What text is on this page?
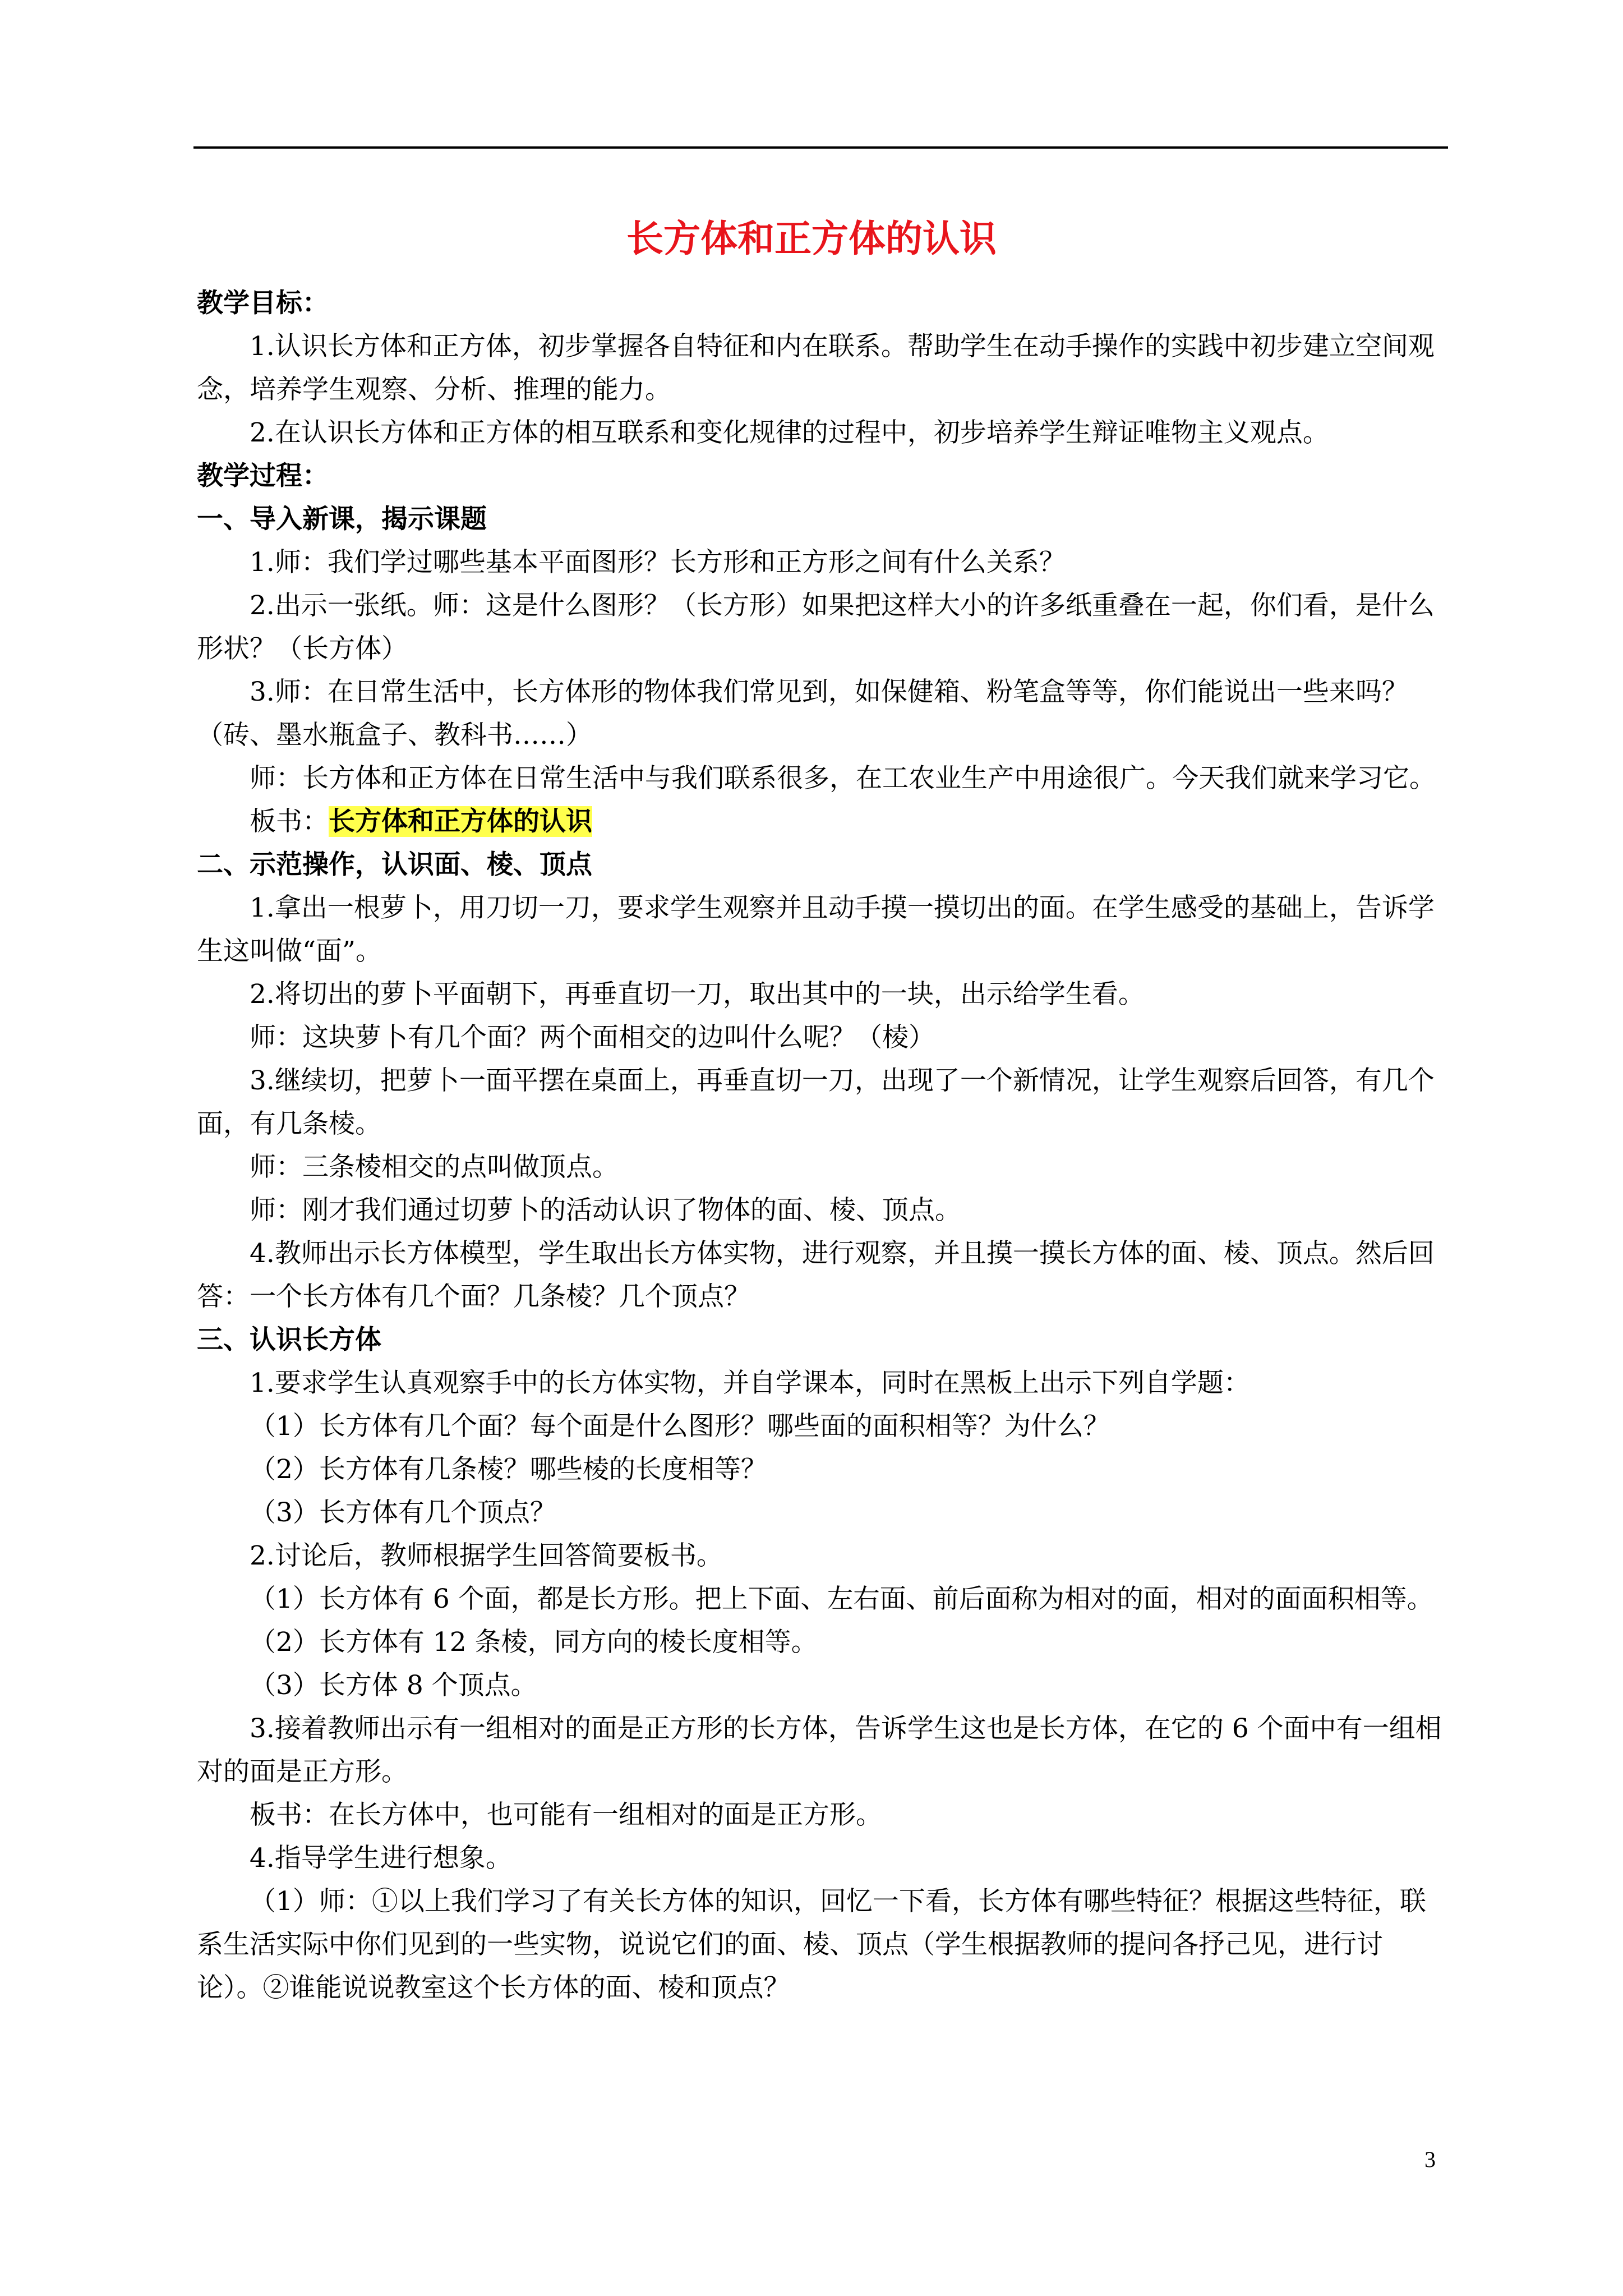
长方体和正方体的认识

教学目标：

1.认识长方体和正方体，初步掌握各自特征和内在联系。帮助学生在动手操作的实践中初步建立空间观念，培养学生观察、分析、推理的能力。

2.在认识长方体和正方体的相互联系和变化规律的过程中，初步培养学生辩证唯物主义观点。

教学过程：

一、导入新课，揭示课题

1.师：我们学过哪些基本平面图形？长方形和正方形之间有什么关系？

2.出示一张纸。师：这是什么图形？（长方形）如果把这样大小的许多纸重叠在一起，你们看，是什么形状？（长方体）

3.师：在日常生活中，长方体形的物体我们常见到，如保健箱、粉笔盒等等，你们能说出一些来吗？（砖、墨水瓶盒子、教科书……）

师：长方体和正方体在日常生活中与我们联系很多，在工农业生产中用途很广。今天我们就来学习它。

板书：长方体和正方体的认识

二、示范操作，认识面、棱、顶点

1.拿出一根萝卜，用刀切一刀，要求学生观察并且动手摸一摸切出的面。在学生感受的基础上，告诉学生这叫做“面”。

2.将切出的萝卜平面朝下，再垂直切一刀，取出其中的一块，出示给学生看。

师：这块萝卜有几个面？两个面相交的边叫什么呢？（棱）

3.继续切，把萝卜一面平摆在桌面上，再垂直切一刀，出现了一个新情况，让学生观察后回答，有几个面，有几条棱。

师：三条棱相交的点叫做顶点。

师：刚才我们通过切萝卜的活动认识了物体的面、棱、顶点。

4.教师出示长方体模型，学生取出长方体实物，进行观察，并且摸一摸长方体的面、棱、顶点。然后回答：一个长方体有几个面？几条棱？几个顶点？

三、认识长方体

1.要求学生认真观察手中的长方体实物，并自学课本，同时在黑板上出示下列自学题：

（1）长方体有几个面？每个面是什么图形？哪些面的面积相等？为什么？

（2）长方体有几条棱？哪些棱的长度相等？

（3）长方体有几个顶点？

2.讨论后，教师根据学生回答简要板书。

（1）长方体有 6 个面，都是长方形。把上下面、左右面、前后面称为相对的面，相对的面面积相等。

（2）长方体有 12 条棱，同方向的棱长度相等。

（3）长方体 8 个顶点。

3.接着教师出示有一组相对的面是正方形的长方体，告诉学生这也是长方体，在它的 6 个面中有一组相对的面是正方形。

板书：在长方体中，也可能有一组相对的面是正方形。

4.指导学生进行想象。

（1）师：①以上我们学习了有关长方体的知识，回忆一下看，长方体有哪些特征？根据这些特征，联系生活实际中你们见到的一些实物，说说它们的面、棱、顶点（学生根据教师的提问各抒己见，进行讨论）。②谁能说说教室这个长方体的面、棱和顶点？

3
